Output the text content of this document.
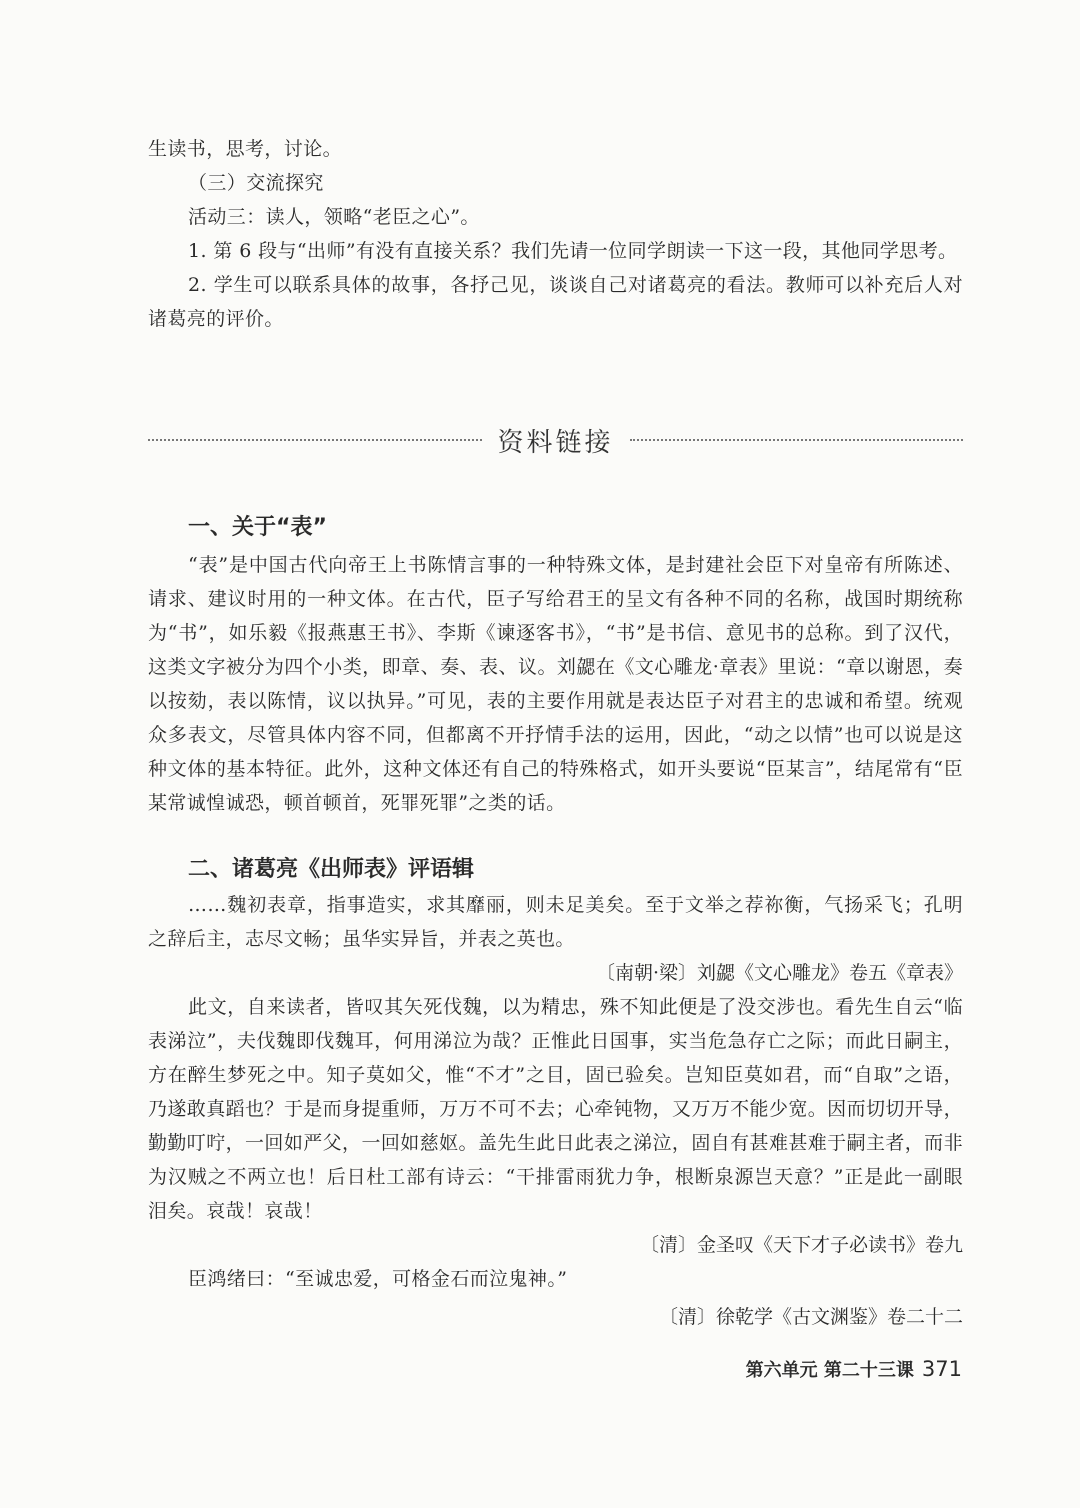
生读书，思考，讨论。

（三）交流探究

活动三：读人，领略“老臣之心”。

1. 第 6 段与“出师”有没有直接关系？我们先请一位同学朗读一下这一段，其他同学思考。

2. 学生可以联系具体的故事，各抒己见，谈谈自己对诸葛亮的看法。教师可以补充后人对诸葛亮的评价。

资料链接

一、关于“表”

“表”是中国古代向帝王上书陈情言事的一种特殊文体，是封建社会臣下对皇帝有所陈述、请求、建议时用的一种文体。在古代，臣子写给君王的呈文有各种不同的名称，战国时期统称为“书”，如乐毅《报燕惠王书》、李斯《谏逐客书》，“书”是书信、意见书的总称。到了汉代，这类文字被分为四个小类，即章、奏、表、议。刘勰在《文心雕龙·章表》里说：“章以谢恩，奏以按劾，表以陈情，议以执异。”可见，表的主要作用就是表达臣子对君主的忠诚和希望。统观众多表文，尽管具体内容不同，但都离不开抒情手法的运用，因此，“动之以情”也可以说是这种文体的基本特征。此外，这种文体还有自己的特殊格式，如开头要说“臣某言”，结尾常有“臣某常诚惶诚恐，顿首顿首，死罪死罪”之类的话。

二、诸葛亮《出师表》评语辑

……魏初表章，指事造实，求其靡丽，则未足美矣。至于文举之荐祢衡，气扬采飞；孔明之辞后主，志尽文畅；虽华实异旨，并表之英也。

〔南朝·梁〕刘勰《文心雕龙》卷五《章表》

此文，自来读者，皆叹其矢死伐魏，以为精忠，殊不知此便是了没交涉也。看先生自云“临表涕泣”，夫伐魏即伐魏耳，何用涕泣为哉？正惟此日国事，实当危急存亡之际；而此日嗣主，方在醉生梦死之中。知子莫如父，惟“不才”之目，固已验矣。岂知臣莫如君，而“自取”之语，乃遂敢真蹈也？于是而身提重师，万万不可不去；心牵钝物，又万万不能少宽。因而切切开导，勤勤叮咛，一回如严父，一回如慈妪。盖先生此日此表之涕泣，固自有甚难甚难于嗣主者，而非为汉贼之不两立也！后日杜工部有诗云：“干排雷雨犹力争，根断泉源岂天意？”正是此一副眼泪矣。哀哉！哀哉！

〔清〕金圣叹《天下才子必读书》卷九

臣鸿绪曰：“至诚忠爱，可格金石而泣鬼神。”

〔清〕徐乾学《古文渊鉴》卷二十二

第六单元 第二十三课 371
